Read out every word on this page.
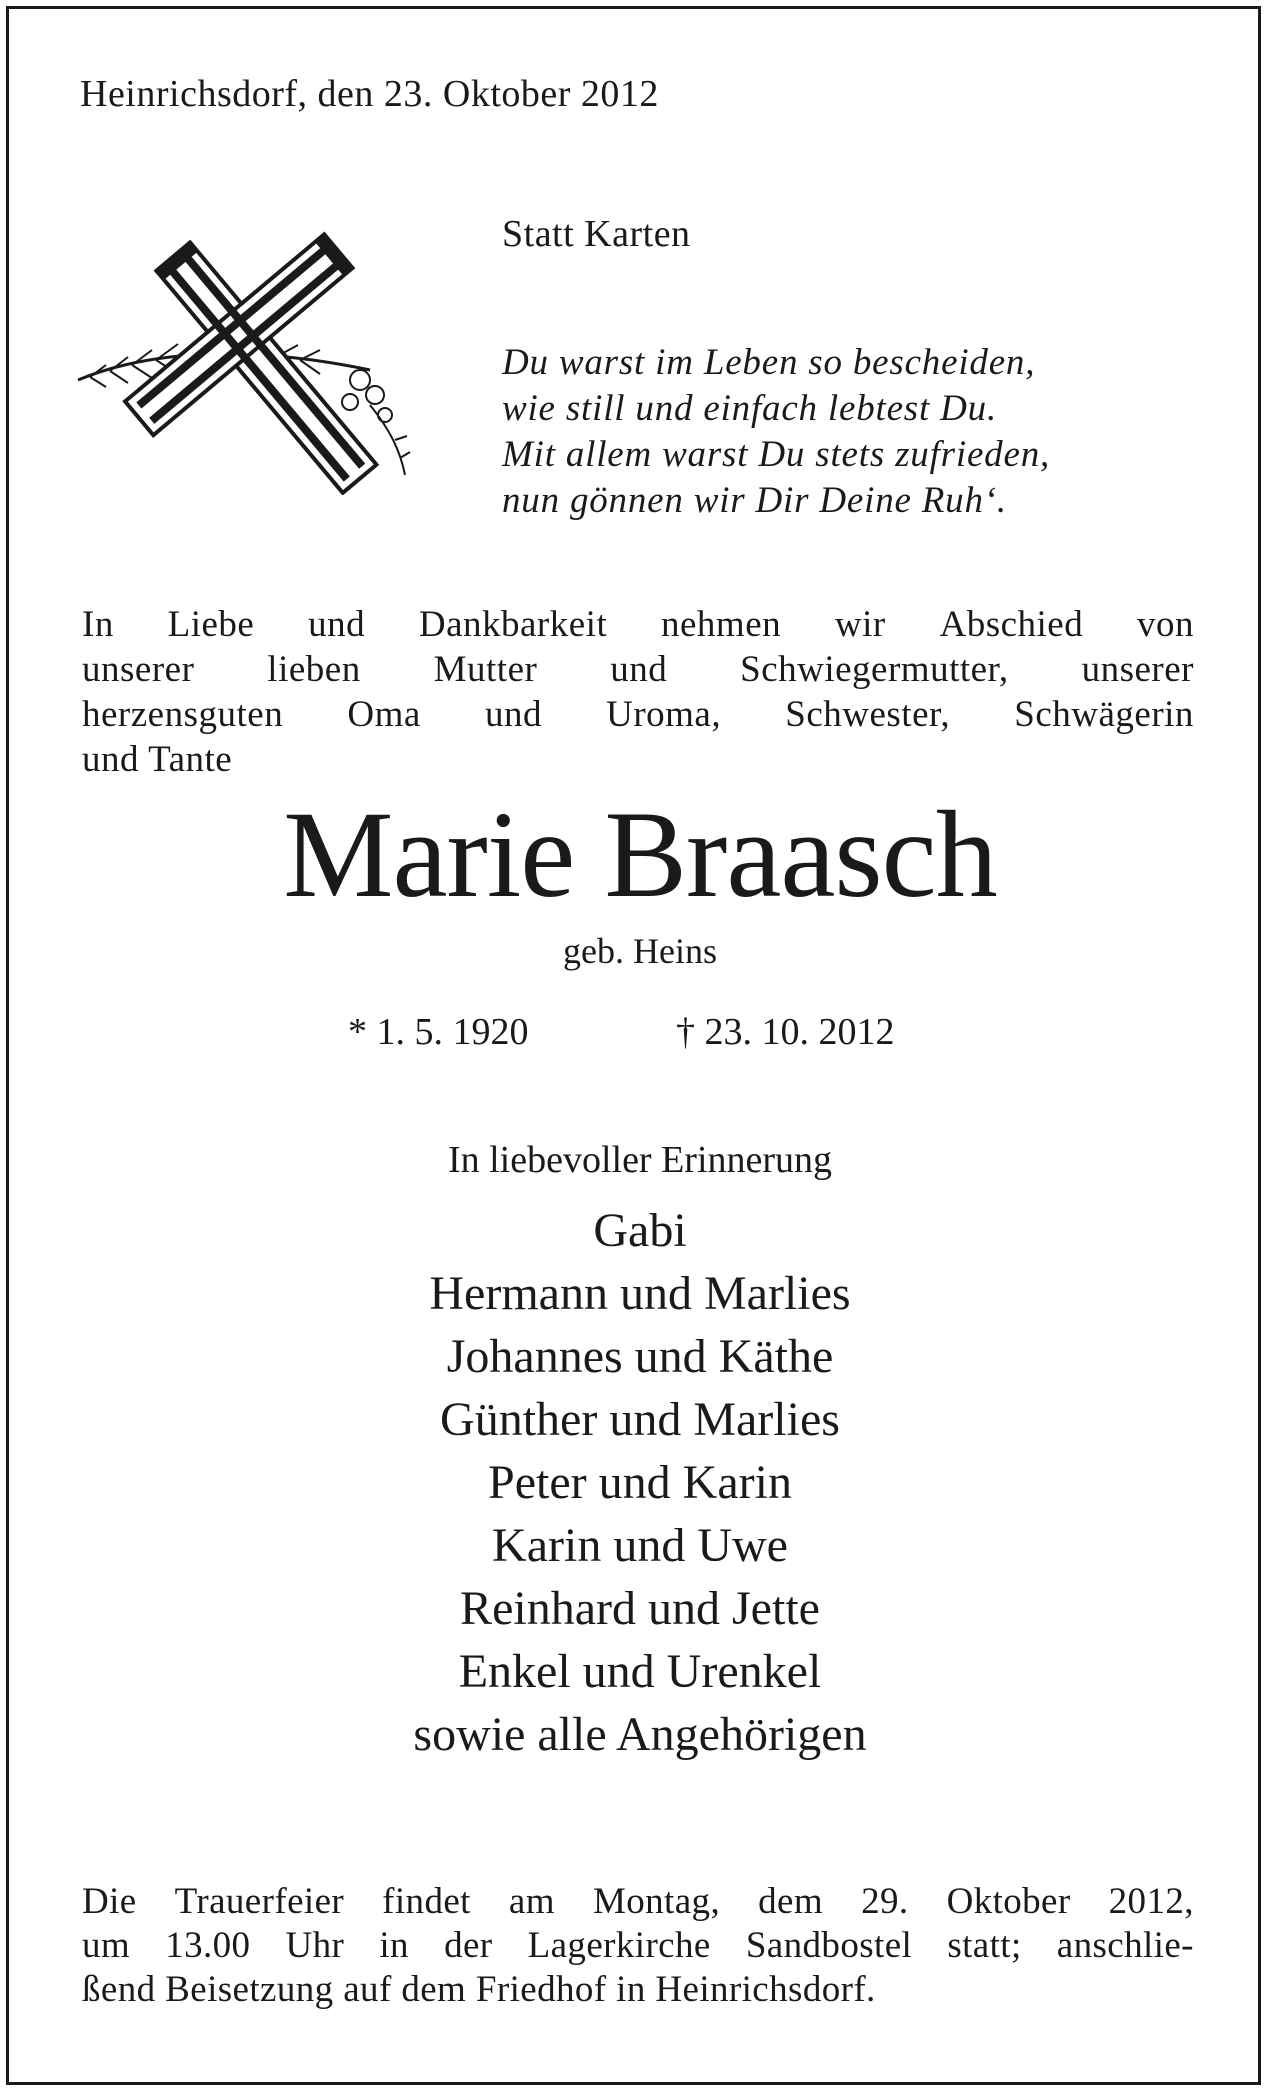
Heinrichsdorf, den 23. Oktober 2012
Statt Karten
Du warst im Leben so bescheiden,
wie still und einfach lebtest Du.
Mit allem warst Du stets zufrieden,
nun gönnen wir Dir Deine Ruh‘.
In Liebe und Dankbarkeit nehmen wir Abschied von
unserer lieben Mutter und Schwiegermutter, unserer
herzensguten Oma und Uroma, Schwester, Schwägerin
und Tante
Marie Braasch
geb. Heins
* 1. 5. 1920	† 23. 10. 2012
In liebevoller Erinnerung
Gabi
Hermann und Marlies
Johannes und Käthe
Günther und Marlies
Peter und Karin
Karin und Uwe
Reinhard und Jette
Enkel und Urenkel
sowie alle Angehörigen
Die Trauerfeier findet am Montag, dem 29. Oktober 2012,
um 13.00 Uhr in der Lagerkirche Sandbostel statt; anschlie-
ßend Beisetzung auf dem Friedhof in Heinrichsdorf.
